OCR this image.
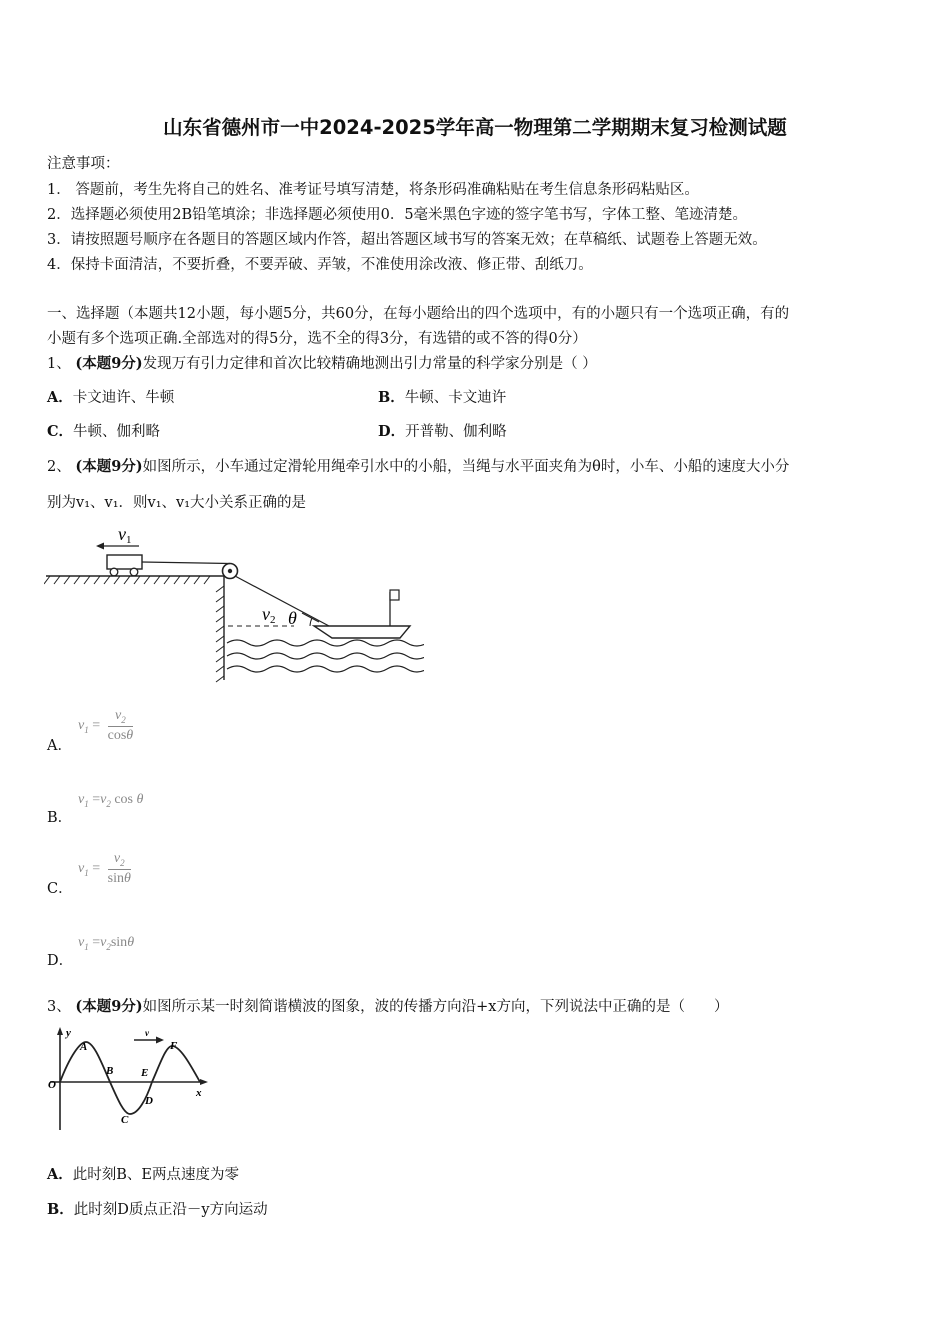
山东省德州市一中2024-2025学年高一物理第二学期期末复习检测试题
注意事项：
1． 答题前，考生先将自己的姓名、准考证号填写清楚，将条形码准确粘贴在考生信息条形码粘贴区。
2．选择题必须使用2B铅笔填涂；非选择题必须使用0．5毫米黑色字迹的签字笔书写，字体工整、笔迹清楚。
3．请按照题号顺序在各题目的答题区域内作答，超出答题区域书写的答案无效；在草稿纸、试题卷上答题无效。
4．保持卡面清洁，不要折叠，不要弄破、弄皱，不准使用涂改液、修正带、刮纸刀。
一、选择题（本题共12小题，每小题5分，共60分，在每小题给出的四个选项中，有的小题只有一个选项正确，有的
小题有多个选项正确.全部选对的得5分，选不全的得3分，有选错的或不答的得0分）
1、 (本题9分)发现万有引力定律和首次比较精确地测出引力常量的科学家分别是（ ）
A．卡文迪许、牛顿	B．牛顿、卡文迪许
C．牛顿、伽利略	D．开普勒、伽利略
2、 (本题9分)如图所示，小车通过定滑轮用绳牵引水中的小船，当绳与水平面夹角为θ时，小车、小船的速度大小分
别为v₁、v₁．则v₁、v₁大小关系正确的是
v1
θ
v2
A．
$v_1 = \frac{v_2}{\cos\theta}$
B．
$v_1 =v_2$ cos θ
C．
$v_1 = \frac{v_2}{\sin\theta}$
D．
$v_1 =v_2\sin\theta$
3、 (本题9分)如图所示某一时刻简谐横波的图象，波的传播方向沿+x方向，下列说法中正确的是（　　）
y
x
O
v
A
B
C
D
E
F
A．此时刻B、E两点速度为零
B．此时刻D质点正沿－y方向运动
